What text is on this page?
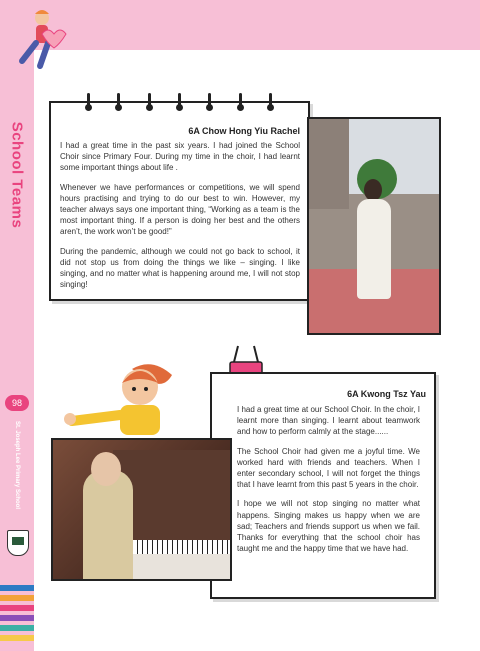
School Teams
98
St. Joseph Lee Primary School
6A Chow Hong Yiu Rachel

I had a great time in the past six years. I had joined the School Choir since Primary Four. During my time in the choir, I had learnt some important things about life .

Whenever we have performances or competitions, we will spend hours practising and trying to do our best to win. However, my teacher always says one important thing, “Working as a team is the most important thing. If a person is doing her best and the others aren’t, the work won’t be good!”

During the pandemic, although we could not go back to school, it did not stop us from doing the things we like – singing. I like singing, and no matter what is happening around me, I will not stop singing!

6A Kwong Tsz Yau

I had a great time at our School Choir. In the choir, I learnt more than singing. I learnt about teamwork and how to perform calmly at the stage......

The School Choir had given me a joyful time. We worked hard with friends and teachers. When I enter secondary school, I will not forget the things that I have learnt from this past 5 years in the choir.

I hope we will not stop singing no matter what happens. Singing makes us happy when we are sad; Teachers and friends support us when we fail. Thanks for everything that the school choir has taught me and the happy time that we have had.
